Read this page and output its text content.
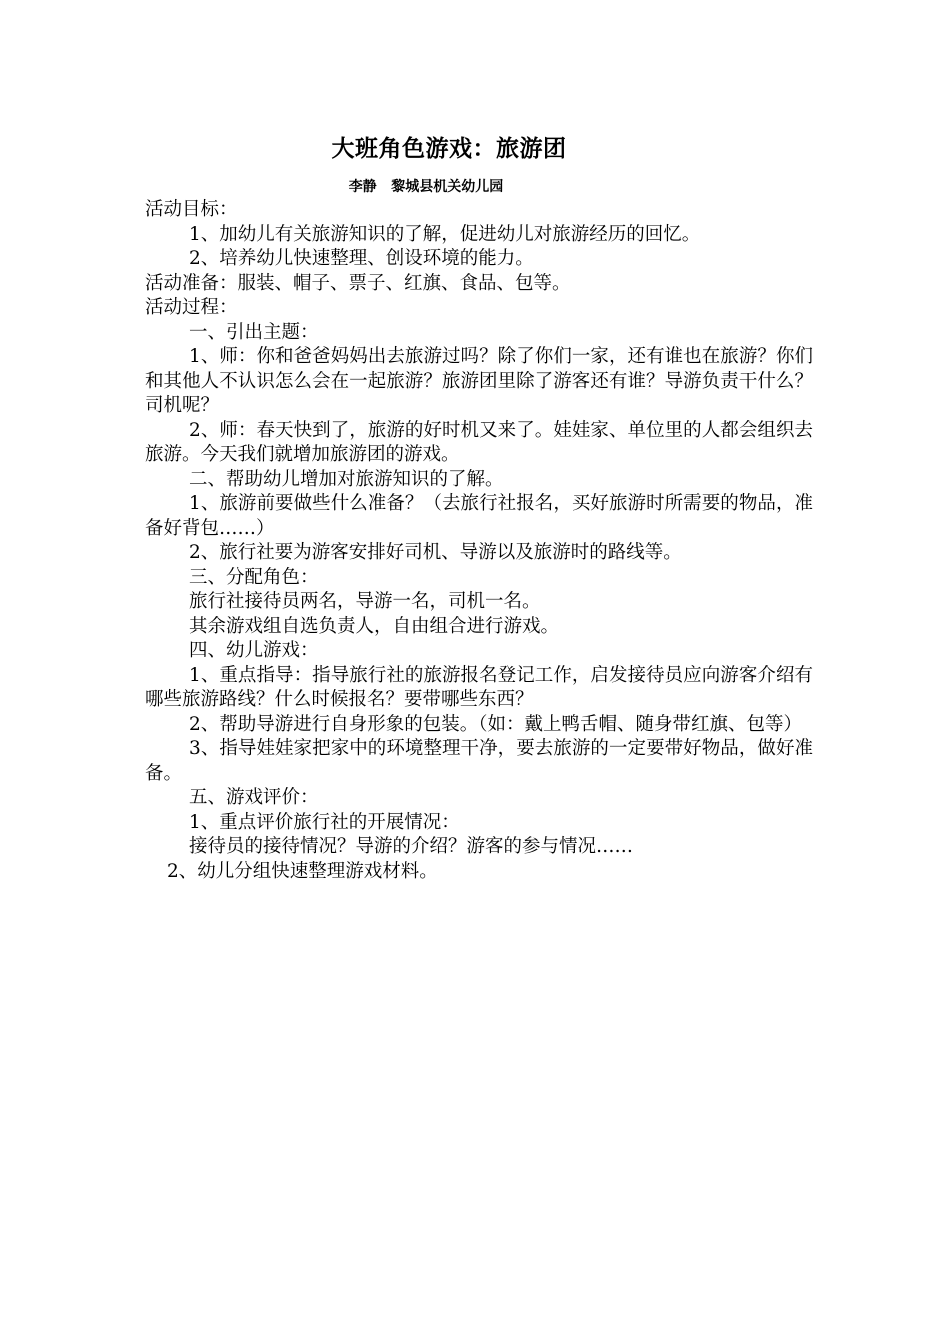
大班角色游戏：旅游团
李静   黎城县机关幼儿园

活动目标：

1、加幼儿有关旅游知识的了解，促进幼儿对旅游经历的回忆。

2、培养幼儿快速整理、创设环境的能力。

活动准备：服装、帽子、票子、红旗、食品、包等。

活动过程：

一、引出主题：

1、师：你和爸爸妈妈出去旅游过吗？除了你们一家，还有谁也在旅游？你们和其他人不认识怎么会在一起旅游？旅游团里除了游客还有谁？导游负责干什么？司机呢？

2、师：春天快到了，旅游的好时机又来了。娃娃家、单位里的人都会组织去旅游。今天我们就增加旅游团的游戏。

二、帮助幼儿增加对旅游知识的了解。

1、旅游前要做些什么准备？（去旅行社报名，买好旅游时所需要的物品，准备好背包……）

2、旅行社要为游客安排好司机、导游以及旅游时的路线等。

三、分配角色：

旅行社接待员两名，导游一名，司机一名。

其余游戏组自选负责人，自由组合进行游戏。

四、幼儿游戏：

1、重点指导：指导旅行社的旅游报名登记工作，启发接待员应向游客介绍有哪些旅游路线？什么时候报名？要带哪些东西？

2、帮助导游进行自身形象的包装。（如：戴上鸭舌帽、随身带红旗、包等）

3、指导娃娃家把家中的环境整理干净，要去旅游的一定要带好物品，做好准备。

五、游戏评价：

1、重点评价旅行社的开展情况：

接待员的接待情况？导游的介绍？游客的参与情况……

2、幼儿分组快速整理游戏材料。
